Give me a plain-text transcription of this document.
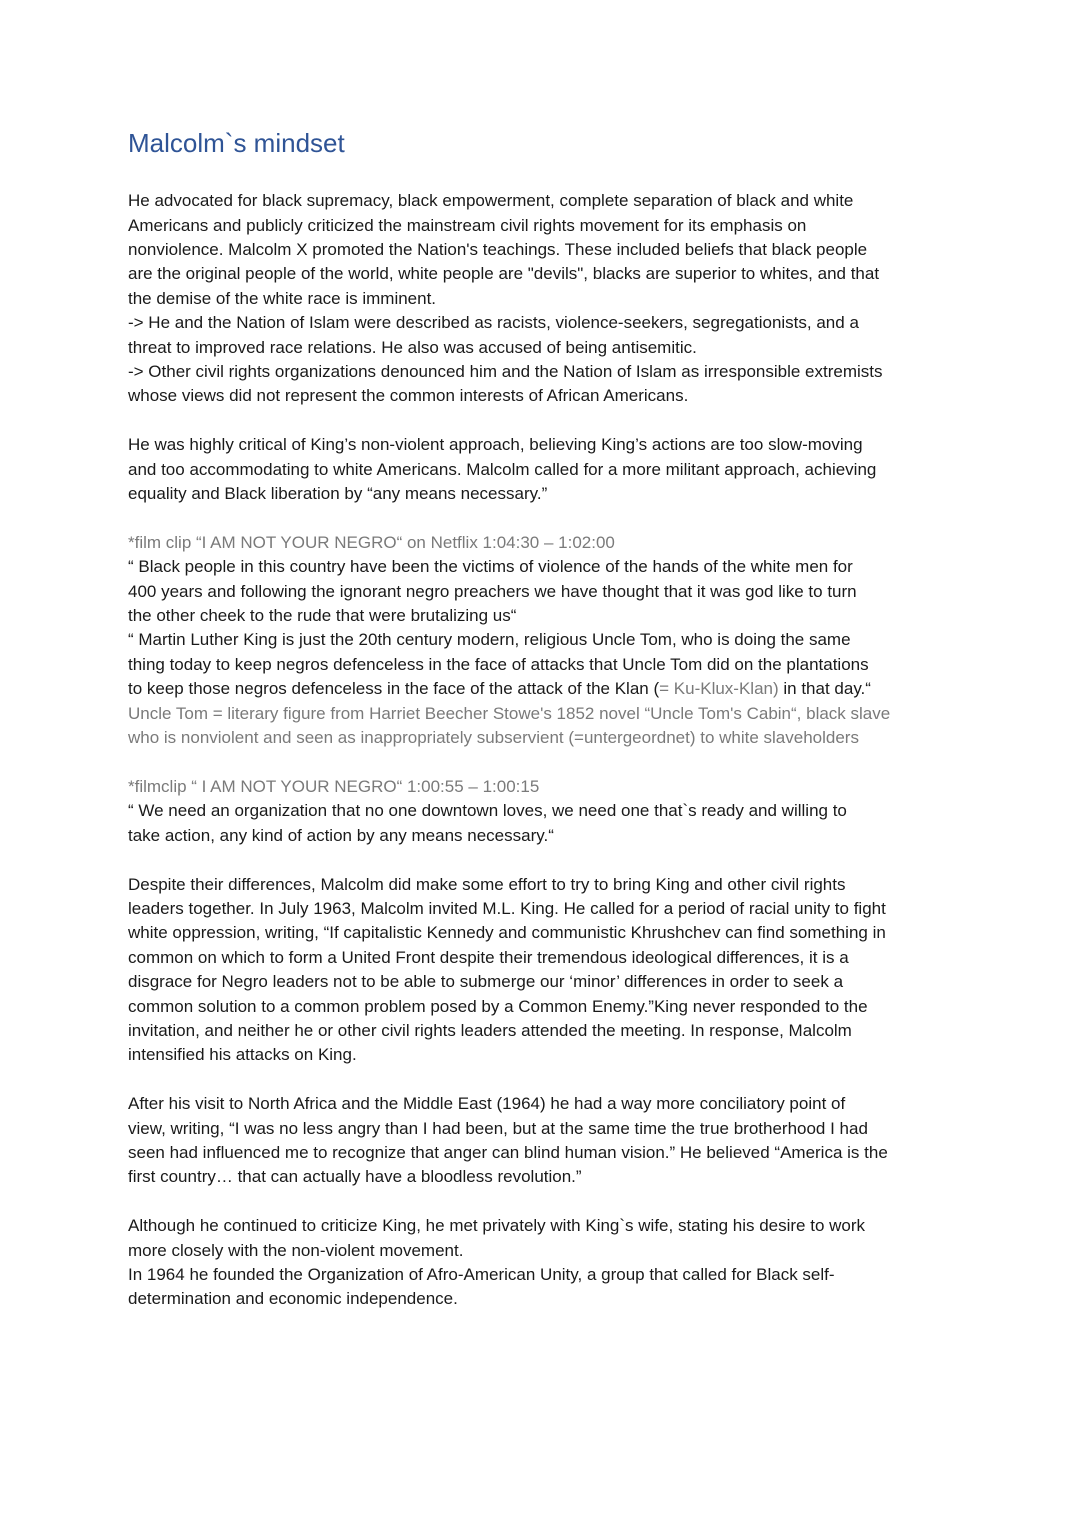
Malcolm`s mindset
He advocated for black supremacy, black empowerment, complete separation of black and white
Americans and publicly criticized the mainstream civil rights movement for its emphasis on
nonviolence. Malcolm X promoted the Nation's teachings. These included beliefs that black people
are the original people of the world, white people are "devils", blacks are superior to whites, and that
the demise of the white race is imminent.
-> He and the Nation of Islam were described as racists, violence-seekers, segregationists, and a
threat to improved race relations. He also was accused of being antisemitic.
-> Other civil rights organizations denounced him and the Nation of Islam as irresponsible extremists
whose views did not represent the common interests of African Americans.
He was highly critical of King’s non-violent approach, believing King’s actions are too slow-moving
and too accommodating to white Americans. Malcolm called for a more militant approach, achieving
equality and Black liberation by “any means necessary.”
*film clip “I AM NOT YOUR NEGRO“ on Netflix 1:04:30 – 1:02:00
“ Black people in this country have been the victims of violence of the hands of the white men for
400 years and following the ignorant negro preachers we have thought that it was god like to turn
the other cheek to the rude that were brutalizing us“
“ Martin Luther King is just the 20th century modern, religious Uncle Tom, who is doing the same
thing today to keep negros defenceless in the face of attacks that Uncle Tom did on the plantations
to keep those negros defenceless in the face of the attack of the Klan (= Ku-Klux-Klan) in that day.“
Uncle Tom = literary figure from Harriet Beecher Stowe's 1852 novel “Uncle Tom's Cabin“, black slave
who is nonviolent and seen as inappropriately subservient (=untergeordnet) to white slaveholders
*filmclip “ I AM NOT YOUR NEGRO“ 1:00:55 – 1:00:15
“ We need an organization that no one downtown loves, we need one that`s ready and willing to
take action, any kind of action by any means necessary.“
Despite their differences, Malcolm did make some effort to try to bring King and other civil rights
leaders together. In July 1963, Malcolm invited M.L. King. He called for a period of racial unity to fight
white oppression, writing, “If capitalistic Kennedy and communistic Khrushchev can find something in
common on which to form a United Front despite their tremendous ideological differences, it is a
disgrace for Negro leaders not to be able to submerge our ‘minor’ differences in order to seek a
common solution to a common problem posed by a Common Enemy.”King never responded to the
invitation, and neither he or other civil rights leaders attended the meeting. In response, Malcolm
intensified his attacks on King.
After his visit to North Africa and the Middle East (1964) he had a way more conciliatory point of
view, writing, “I was no less angry than I had been, but at the same time the true brotherhood I had
seen had influenced me to recognize that anger can blind human vision.” He believed “America is the
first country… that can actually have a bloodless revolution.”
Although he continued to criticize King, he met privately with King`s wife, stating his desire to work
more closely with the non-violent movement.
In 1964 he founded the Organization of Afro-American Unity, a group that called for Black self-
determination and economic independence.
